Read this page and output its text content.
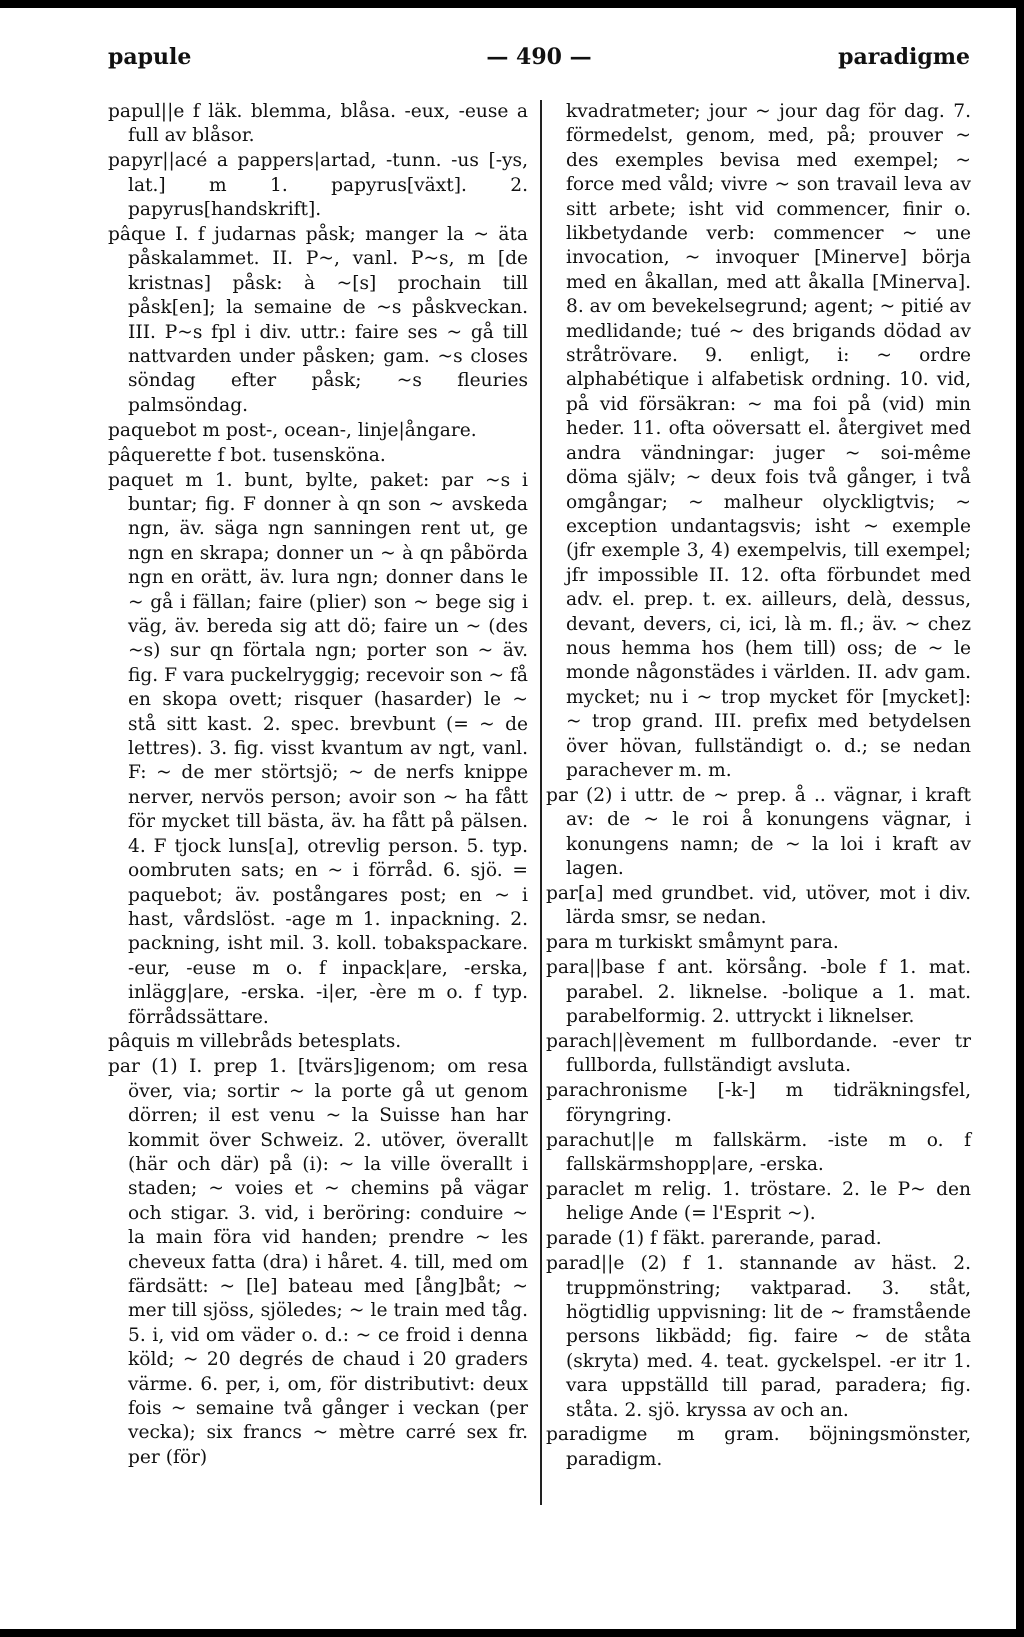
papule	— 490 —	paradigme

papul||e f läk. blemma, blåsa. -eux, -euse a full av blåsor.

papyr||acé a pappers|artad, -tunn. -us [-ys, lat.] m 1. papyrus[växt]. 2. papyrus[handskrift].

pâque I. f judarnas påsk; manger la ~ äta påskalammet. II. P~, vanl. P~s, m [de kristnas] påsk: à ~[s] prochain till påsk[en]; la semaine de ~s påskveckan. III. P~s fpl i div. uttr.: faire ses ~ gå till nattvarden under påsken; gam. ~s closes söndag efter påsk; ~s fleuries palmsöndag.

paquebot m post-, ocean-, linje|ångare.

pâquerette f bot. tusensköna.

paquet m 1. bunt, bylte, paket: par ~s i buntar; fig. F donner à qn son ~ avskeda ngn, äv. säga ngn sanningen rent ut, ge ngn en skrapa; donner un ~ à qn påbörda ngn en orätt, äv. lura ngn; donner dans le ~ gå i fällan; faire (plier) son ~ bege sig i väg, äv. bereda sig att dö; faire un ~ (des ~s) sur qn förtala ngn; porter son ~ äv. fig. F vara puckelryggig; recevoir son ~ få en skopa ovett; risquer (hasarder) le ~ stå sitt kast. 2. spec. brevbunt (= ~ de lettres). 3. fig. visst kvantum av ngt, vanl. F: ~ de mer störtsjö; ~ de nerfs knippe nerver, nervös person; avoir son ~ ha fått för mycket till bästa, äv. ha fått på pälsen. 4. F tjock luns[a], otrevlig person. 5. typ. oombruten sats; en ~ i förråd. 6. sjö. = paquebot; äv. postångares post; en ~ i hast, vårdslöst. -age m 1. inpackning. 2. packning, isht mil. 3. koll. tobakspackare. -eur, -euse m o. f inpack|are, -erska, inlägg|are, -erska. -i|er, -ère m o. f typ. förrådssättare.

pâquis m villebråds betesplats.

par (1) I. prep 1. [tvärs]igenom; om resa över, via; sortir ~ la porte gå ut genom dörren; il est venu ~ la Suisse han har kommit över Schweiz. 2. utöver, överallt (här och där) på (i): ~ la ville överallt i staden; ~ voies et ~ chemins på vägar och stigar. 3. vid, i beröring: conduire ~ la main föra vid handen; prendre ~ les cheveux fatta (dra) i håret. 4. till, med om färdsätt: ~ [le] bateau med [ång]båt; ~ mer till sjöss, sjöledes; ~ le train med tåg. 5. i, vid om väder o. d.: ~ ce froid i denna köld; ~ 20 degrés de chaud i 20 graders värme. 6. per, i, om, för distributivt: deux fois ~ semaine två gånger i veckan (per vecka); six francs ~ mètre carré sex fr. per (för)

kvadratmeter; jour ~ jour dag för dag. 7. förmedelst, genom, med, på; prouver ~ des exemples bevisa med exempel; ~ force med våld; vivre ~ son travail leva av sitt arbete; isht vid commencer, finir o. likbetydande verb: commencer ~ une invocation, ~ invoquer [Minerve] börja med en åkallan, med att åkalla [Minerva]. 8. av om bevekelsegrund; agent; ~ pitié av medlidande; tué ~ des brigands dödad av stråtrövare. 9. enligt, i: ~ ordre alphabétique i alfabetisk ordning. 10. vid, på vid försäkran: ~ ma foi på (vid) min heder. 11. ofta oöversatt el. återgivet med andra vändningar: juger ~ soi-même döma själv; ~ deux fois två gånger, i två omgångar; ~ malheur olyckligtvis; ~ exception undantagsvis; isht ~ exemple (jfr exemple 3, 4) exempelvis, till exempel; jfr impossible II. 12. ofta förbundet med adv. el. prep. t. ex. ailleurs, delà, dessus, devant, devers, ci, ici, là m. fl.; äv. ~ chez nous hemma hos (hem till) oss; de ~ le monde någonstädes i världen. II. adv gam. mycket; nu i ~ trop mycket för [mycket]: ~ trop grand. III. prefix med betydelsen över hövan, fullständigt o. d.; se nedan parachever m. m.

par (2) i uttr. de ~ prep. å .. vägnar, i kraft av: de ~ le roi å konungens vägnar, i konungens namn; de ~ la loi i kraft av lagen.

par[a] med grundbet. vid, utöver, mot i div. lärda smsr, se nedan.

para m turkiskt småmynt para.

para||base f ant. körsång. -bole f 1. mat. parabel. 2. liknelse. -bolique a 1. mat. parabelformig. 2. uttryckt i liknelser.

parach||èvement m fullbordande. -ever tr fullborda, fullständigt avsluta.

parachronisme [-k-] m tidräkningsfel, föryngring.

parachut||e m fallskärm. -iste m o. f fallskärmshopp|are, -erska.

paraclet m relig. 1. tröstare. 2. le P~ den helige Ande (= l'Esprit ~).

parade (1) f fäkt. parerande, parad.

parad||e (2) f 1. stannande av häst. 2. truppmönstring; vaktparad. 3. ståt, högtidlig uppvisning: lit de ~ framstående persons likbädd; fig. faire ~ de ståta (skryta) med. 4. teat. gyckelspel. -er itr 1. vara uppställd till parad, paradera; fig. ståta. 2. sjö. kryssa av och an.

paradigme m gram. böjningsmönster, paradigm.
